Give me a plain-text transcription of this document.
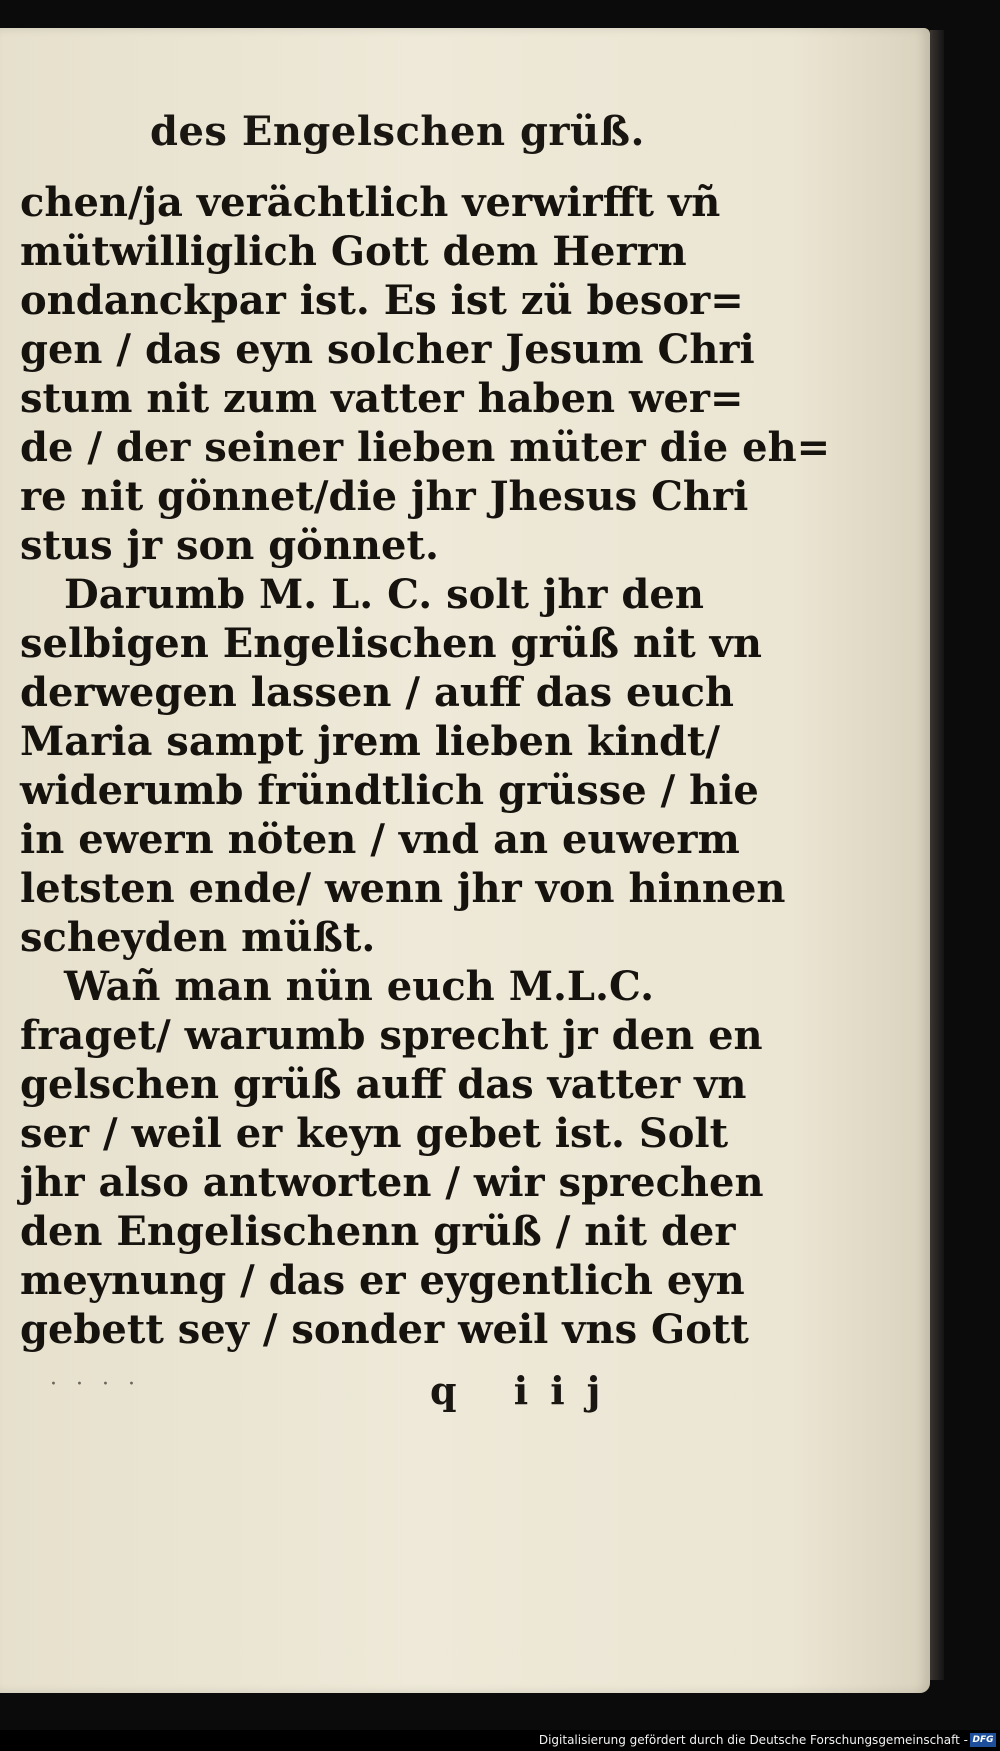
des Engelschen grüß.
chen/ja verächtlich verwirfft vñ
mütwilliglich Gott dem Herrn
ondanckpar ist. Es ist zü besor=
gen / das eyn solcher Jesum Chri
stum nit zum vatter haben wer=
de / der seiner lieben müter die eh=
re nit gönnet/die jhr Jhesus Chri
stus jr son gönnet.
Darumb M. L. C. solt jhr den
selbigen Engelischen grüß nit vn
derwegen lassen / auff das euch
Maria sampt jrem lieben kindt/
widerumb fründtlich grüsse / hie
in ewern nöten / vnd an euwerm
letsten ende/ wenn jhr von hinnen
scheyden müßt.
Wañ man nün euch M.L.C.
fraget/ warumb sprecht jr den en
gelschen grüß auff das vatter vn
ser / weil er keyn gebet ist. Solt
jhr also antworten / wir sprechen
den Engelischenn grüß / nit der
meynung / das er eygentlich eyn
gebett sey / sonder weil vns Gott
· · · ·	q iij
Digitalisierung gefördert durch die Deutsche Forschungsgemeinschaft - DFG
